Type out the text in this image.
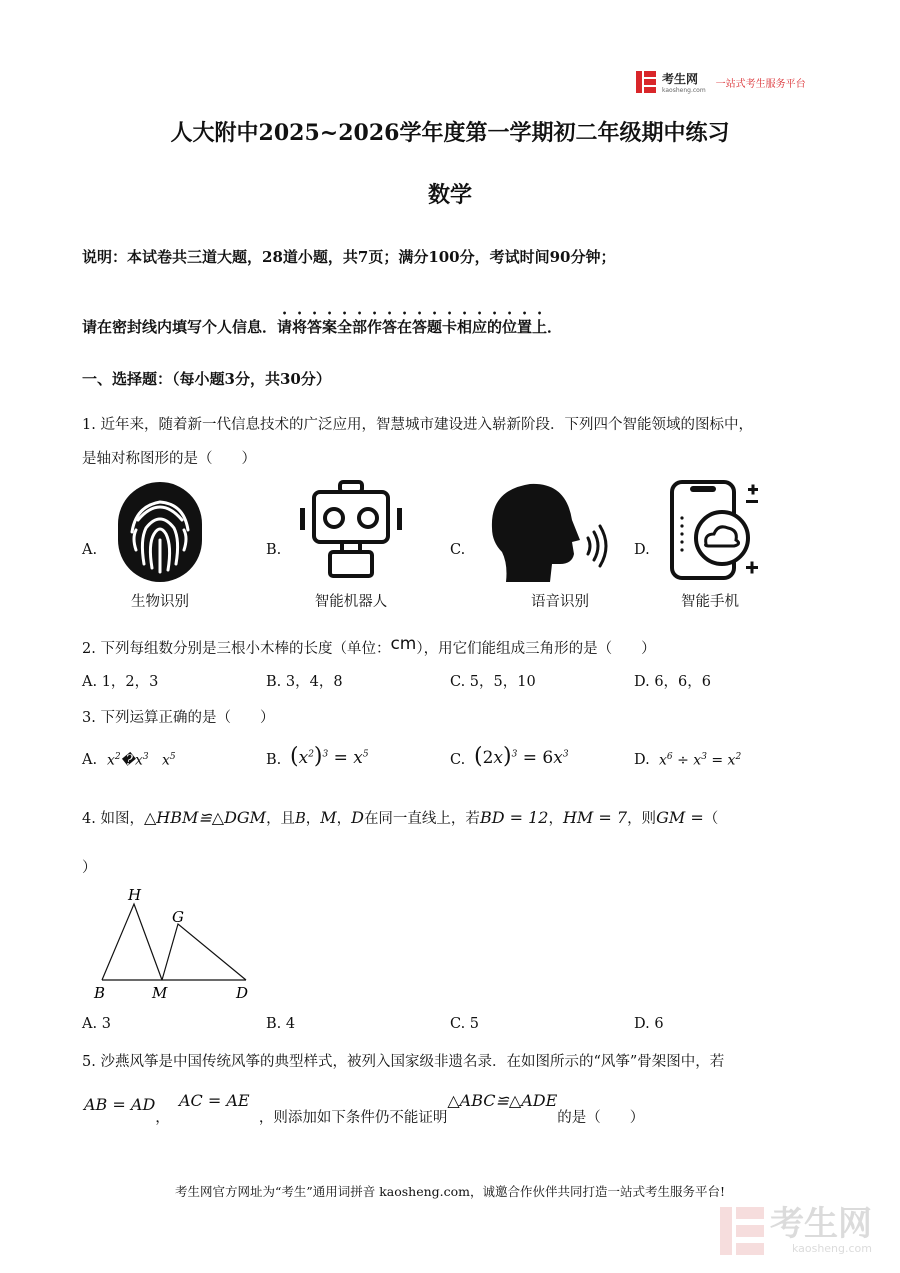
考生网
kaosheng.com
一站式考生服务平台
人大附中2025~2026学年度第一学期初二年级期中练习
数学
说明：本试卷共三道大题，28道小题，共7页；满分100分，考试时间90分钟；
请在密封线内填写个人信息．请将答案全部作答在答题卡相应的位置上．
一、选择题：（每小题3分，共30分）
1. 近年来，随着新一代信息技术的广泛应用，智慧城市建设进入崭新阶段．下列四个智能领域的图标中，
是轴对称图形的是（　　）
A.	B.	C.	D.
生物识别	智能机器人	语音识别	智能手机
2. 下列每组数分别是三根小木棒的长度（单位：cm），用它们能组成三角形的是（　　）
A. 1，2，3	B. 3，4，8	C. 5，5，10	D. 6，6，6
3. 下列运算正确的是（　　）
A. $x^2�x^3$   $x^5$	B. $(x^2)^3 = x^5$	C. $(2x)^3 = 6x^3$	D. $x^6 \div x^3 = x^2$
4. 如图，△HBM≌△DGM，且B，M，D在同一直线上，若BD = 12，HM = 7，则GM =（
）
H
G
B	M	D
A. 3	B. 4	C. 5	D. 6
5. 沙燕风筝是中国传统风筝的典型样式，被列入国家级非遗名录．在如图所示的“风筝”骨架图中，若
AB = AD，  AC = AE  ，则添加如下条件仍不能证明△ABC≌△ADE的是（　　）
考生网官方网址为“考生”通用词拼音 kaosheng.com，诚邀合作伙伴共同打造一站式考生服务平台!
考生网
kaosheng.com
